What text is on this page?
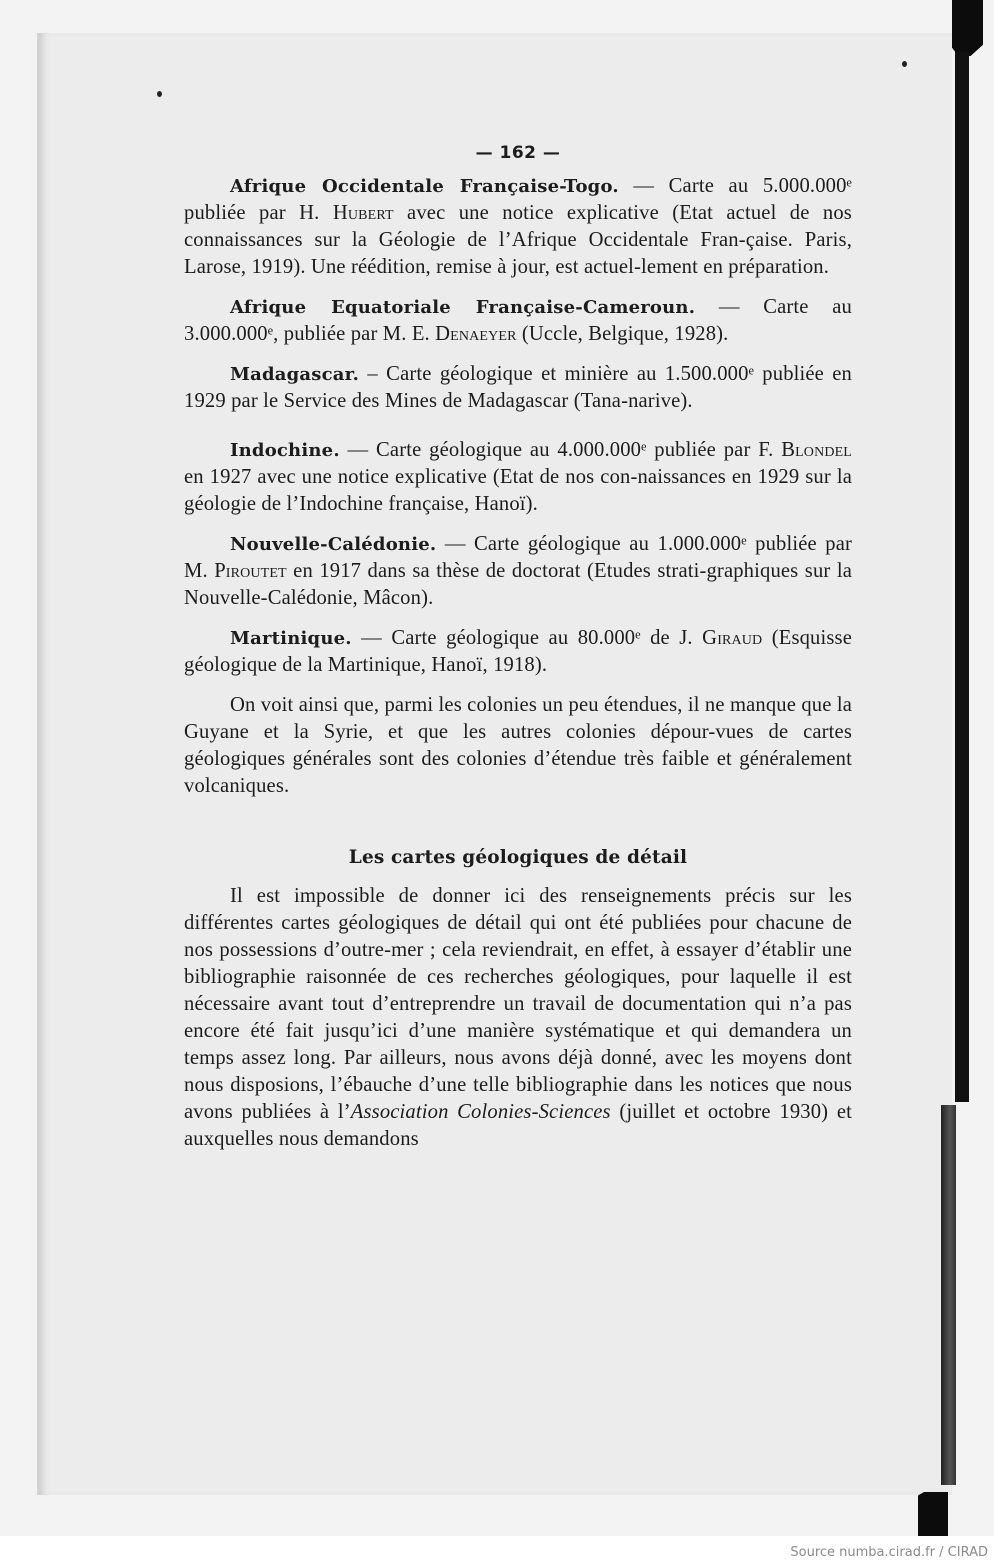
— 162 —

Afrique Occidentale Française-Togo. — Carte au 5.000.000ᵉ publiée par H. Hubert avec une notice explicative (Etat actuel de nos connaissances sur la Géologie de l’Afrique Occidentale Fran-çaise. Paris, Larose, 1919). Une réédition, remise à jour, est actuel-lement en préparation.

Afrique Equatoriale Française-Cameroun. — Carte au 3.000.000ᵉ, publiée par M. E. Denaeyer (Uccle, Belgique, 1928).

Madagascar. – Carte géologique et minière au 1.500.000ᵉ publiée en 1929 par le Service des Mines de Madagascar (Tana-narive).

Indochine. — Carte géologique au 4.000.000ᵉ publiée par F. Blondel en 1927 avec une notice explicative (Etat de nos con-naissances en 1929 sur la géologie de l’Indochine française, Hanoï).

Nouvelle-Calédonie. — Carte géologique au 1.000.000ᵉ publiée par M. Piroutet en 1917 dans sa thèse de doctorat (Etudes strati-graphiques sur la Nouvelle-Calédonie, Mâcon).

Martinique. — Carte géologique au 80.000ᵉ de J. Giraud (Esquisse géologique de la Martinique, Hanoï, 1918).

On voit ainsi que, parmi les colonies un peu étendues, il ne manque que la Guyane et la Syrie, et que les autres colonies dépour-vues de cartes géologiques générales sont des colonies d’étendue très faible et généralement volcaniques.

Les cartes géologiques de détail

Il est impossible de donner ici des renseignements précis sur les différentes cartes géologiques de détail qui ont été publiées pour chacune de nos possessions d’outre-mer ; cela reviendrait, en effet, à essayer d’établir une bibliographie raisonnée de ces recherches géologiques, pour laquelle il est nécessaire avant tout d’entreprendre un travail de documentation qui n’a pas encore été fait jusqu’ici d’une manière systématique et qui demandera un temps assez long. Par ailleurs, nous avons déjà donné, avec les moyens dont nous disposions, l’ébauche d’une telle bibliographie dans les notices que nous avons publiées à l’Association Colonies-Sciences (juillet et octobre 1930) et auxquelles nous demandons

Source numba.cirad.fr / CIRAD
